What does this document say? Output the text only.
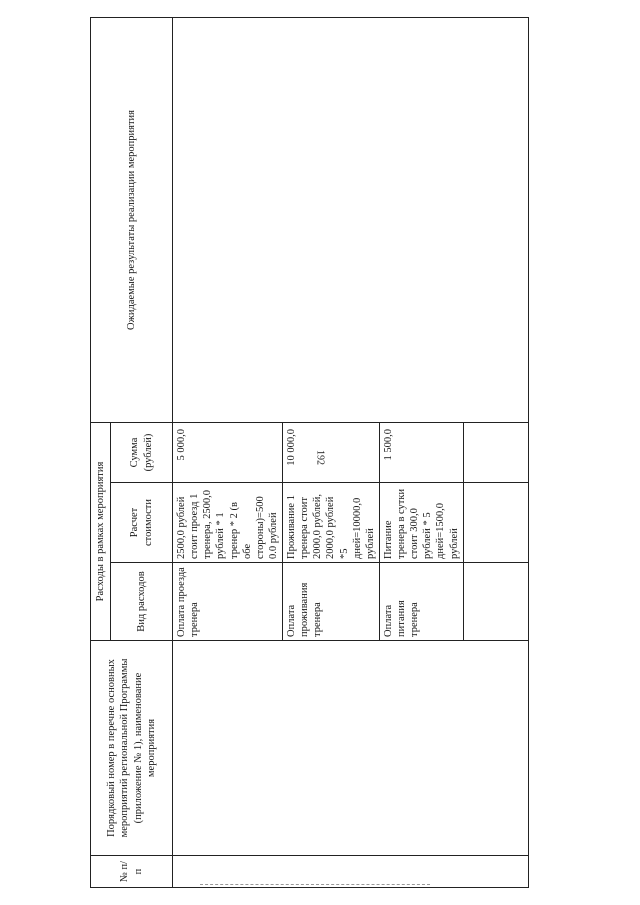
192
№ п/п	Порядковый номер в перечне основных мероприятий региональной Программы (приложение № 1), наименование мероприятия	Расходы в рамках мероприятия			Ожидаемые результаты реализации мероприятия
		Вид расходов	Расчет стоимости	Сумма (рублей)	
		Оплата проезда тренера	2500,0 рублей стоит проезд 1 тренера, 2500,0 рублей * 1 тренер * 2 (в обе стороны)=500 0.0 рублей	5 000,0	
		Оплата проживания тренера	Проживание 1 тренера стоит 2000,0 рублей, 2000,0 рублей *5 дней=10000,0 рублей	10 000,0	
		Оплата питания тренера	Питание тренера в сутки стоит 300,0 рублей * 5 дней=1500,0 рублей	1 500,0	
